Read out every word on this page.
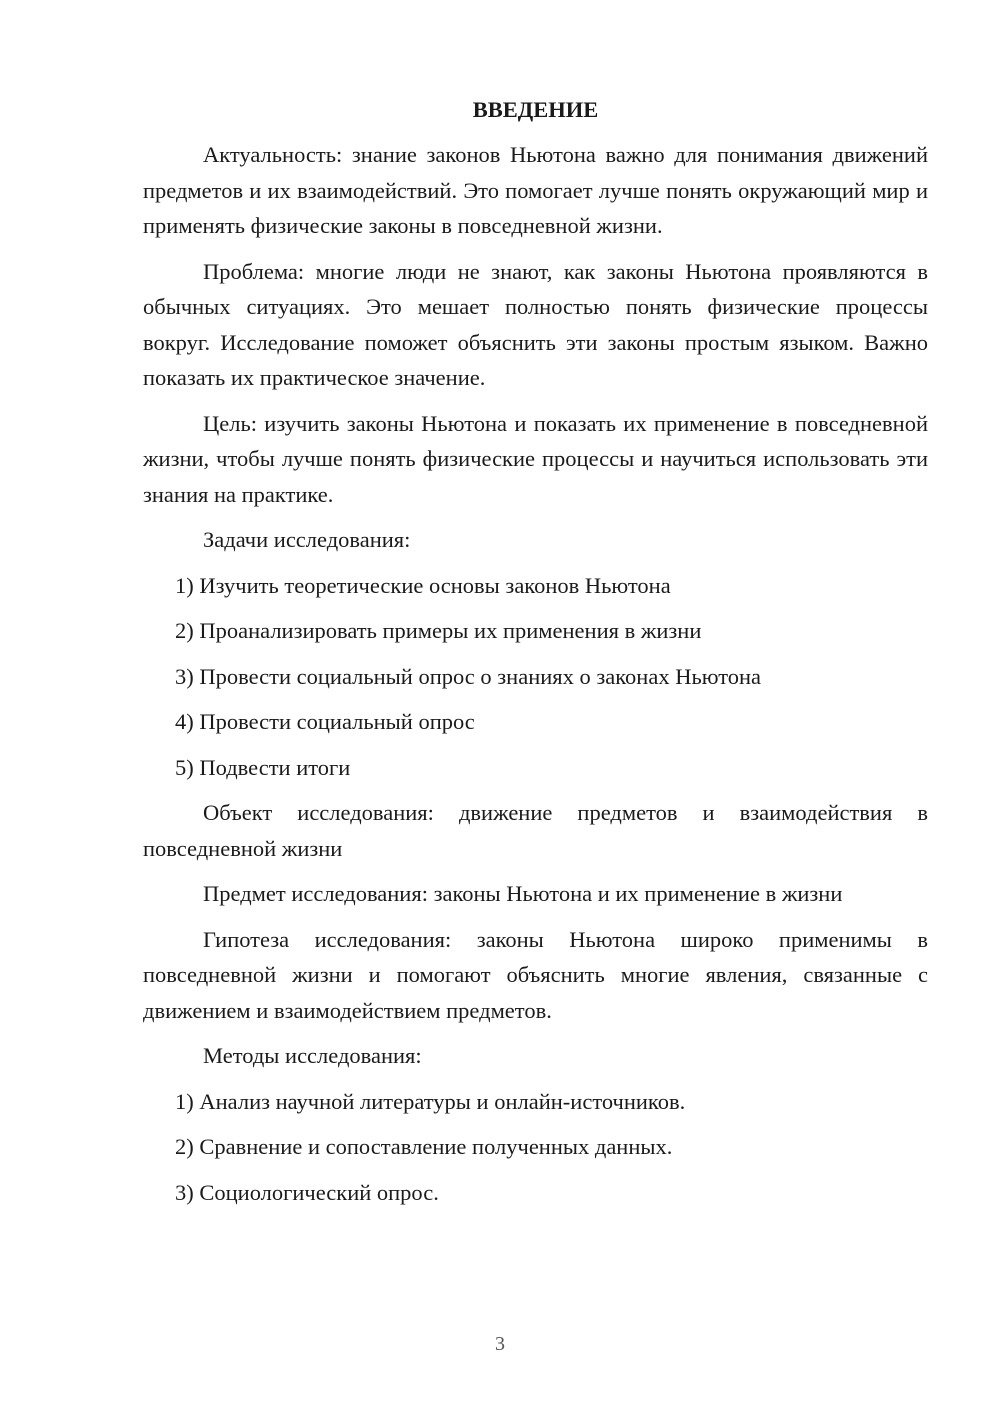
ВВЕДЕНИЕ
Актуальность: знание законов Ньютона важно для понимания движений предметов и их взаимодействий. Это помогает лучше понять окружающий мир и применять физические законы в повседневной жизни.
Проблема: многие люди не знают, как законы Ньютона проявляются в обычных ситуациях. Это мешает полностью понять физические процессы вокруг. Исследование поможет объяснить эти законы простым языком. Важно показать их практическое значение.
Цель: изучить законы Ньютона и показать их применение в повседневной жизни, чтобы лучше понять физические процессы и научиться использовать эти знания на практике.
Задачи исследования:
1) Изучить теоретические основы законов Ньютона
2) Проанализировать примеры их применения в жизни
3) Провести социальный опрос о знаниях о законах Ньютона
4) Провести социальный опрос
5) Подвести итоги
Объект исследования: движение предметов и взаимодействия в повседневной жизни
Предмет исследования: законы Ньютона и их применение в жизни
Гипотеза исследования: законы Ньютона широко применимы в повседневной жизни и помогают объяснить многие явления, связанные с движением и взаимодействием предметов.
Методы исследования:
1) Анализ научной литературы и онлайн-источников.
2) Сравнение и сопоставление полученных данных.
3) Социологический опрос.
3
